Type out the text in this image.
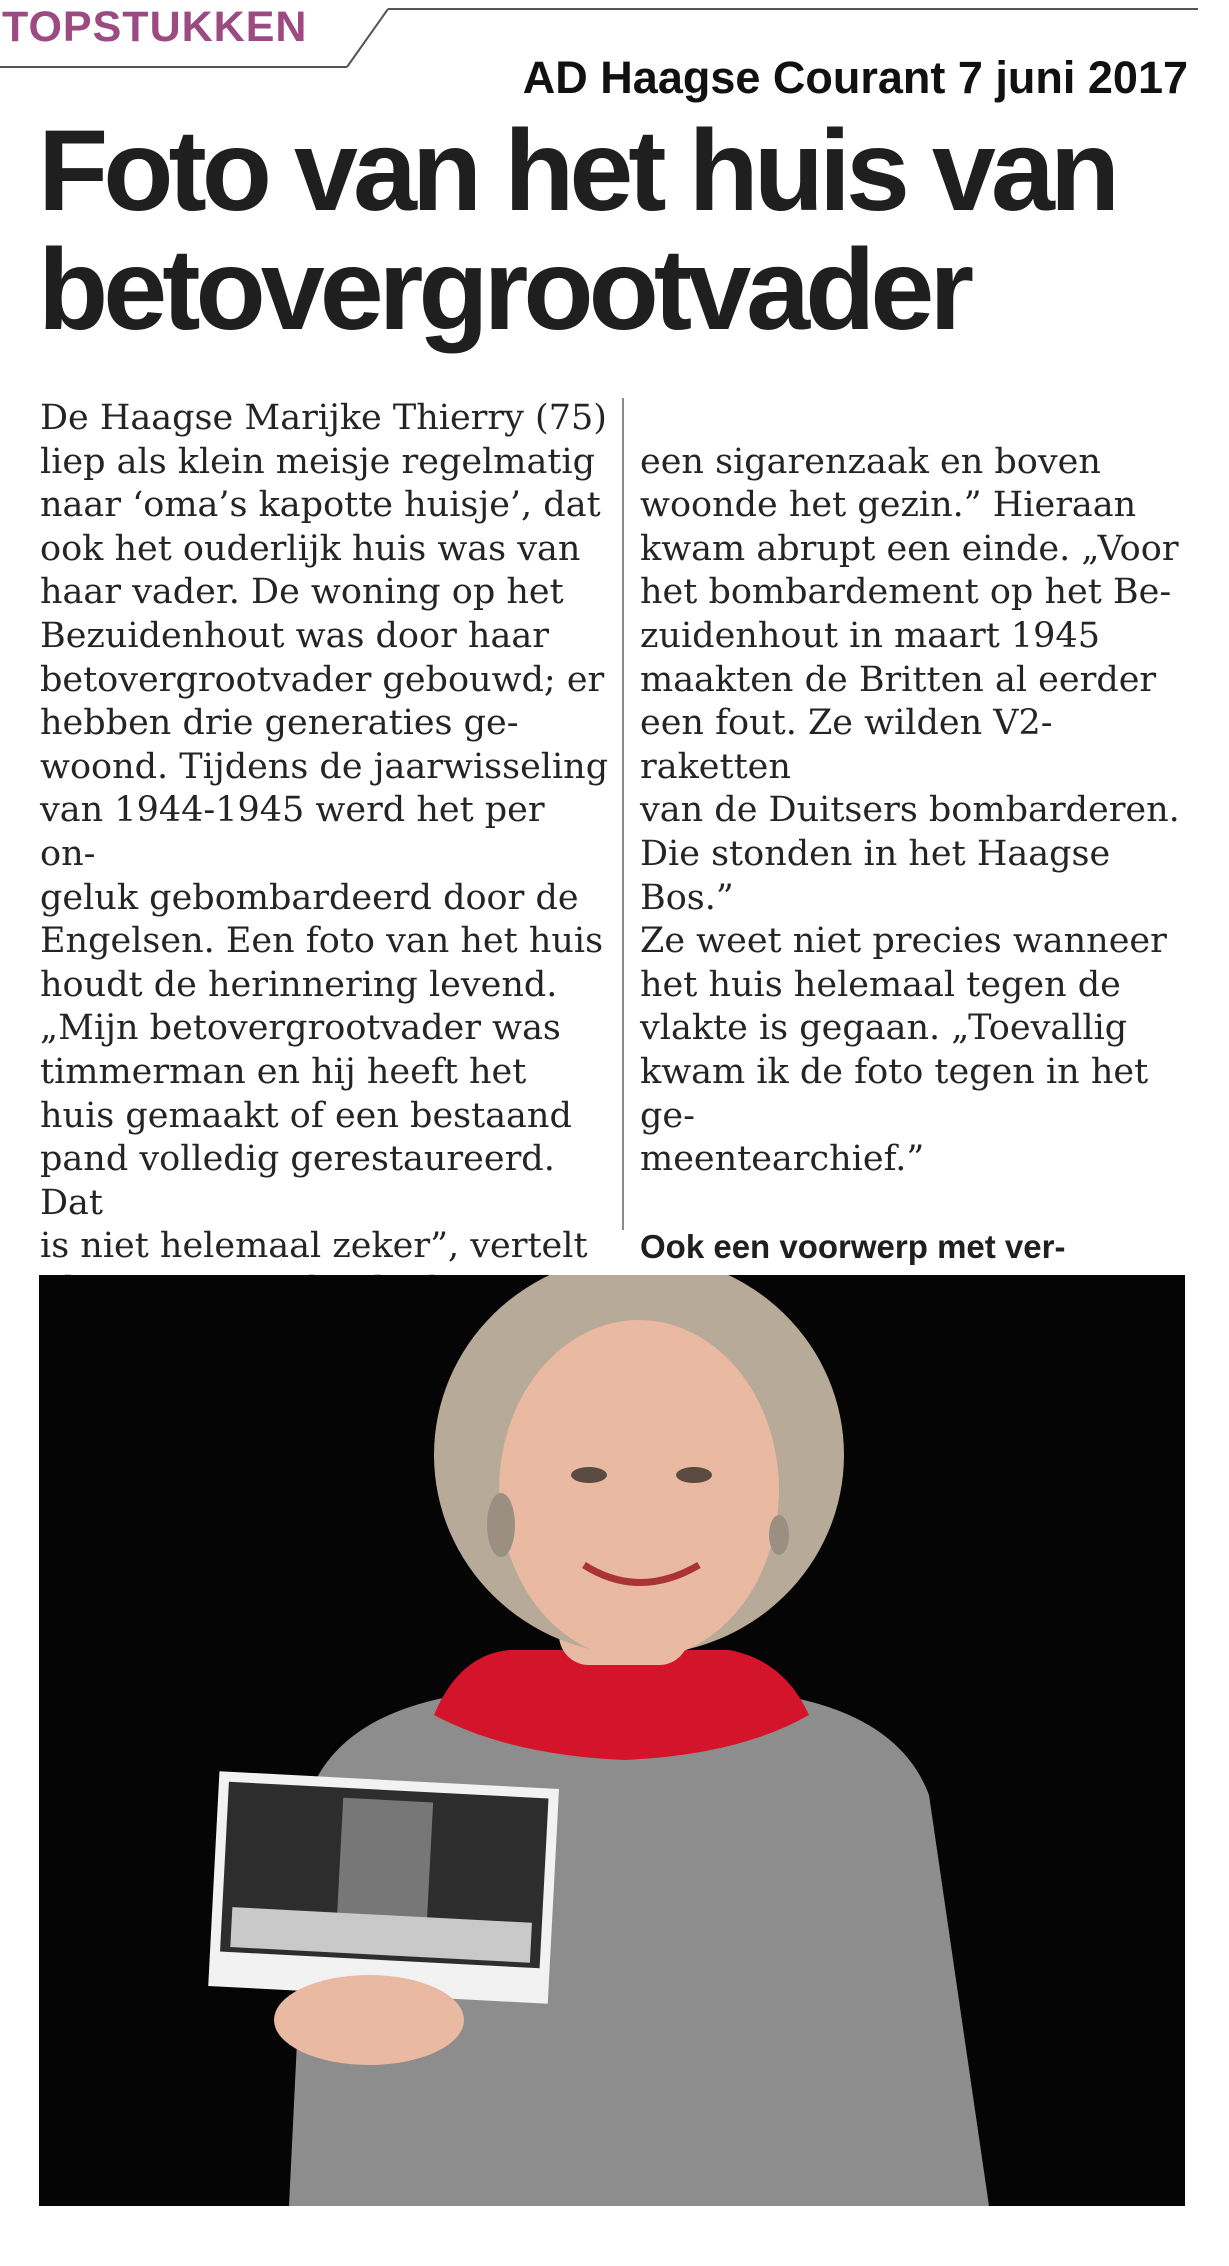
TOPSTUKKEN
AD Haagse Courant 7 juni 2017
Foto van het huis van betovergrootvader
De Haagse Marijke Thierry (75)
liep als klein meisje regelmatig
naar ‘oma’s kapotte huisje’, dat
ook het ouderlijk huis was van
haar vader. De woning op het
Bezuidenhout was door haar
betovergrootvader gebouwd; er
hebben drie generaties ge-
woond. Tijdens de jaarwisseling
van 1944-1945 werd het per on-
geluk gebombardeerd door de
Engelsen. Een foto van het huis
houdt de herinnering levend.
„Mijn betovergrootvader was
timmerman en hij heeft het
huis gemaakt of een bestaand
pand volledig gerestaureerd. Dat
is niet helemaal zeker”, vertelt

een sigarenzaak en boven
woonde het gezin.” Hieraan
kwam abrupt een einde. „Voor
het bombardement op het Be-
zuidenhout in maart 1945
maakten de Britten al eerder
een fout. Ze wilden V2-raketten
van de Duitsers bombarderen.
Die stonden in het Haagse Bos.”
Ze weet niet precies wanneer
het huis helemaal tegen de
vlakte is gegaan. „Toevallig
kwam ik de foto tegen in het ge-
meentearchief.”

Ook een voorwerp met ver-
